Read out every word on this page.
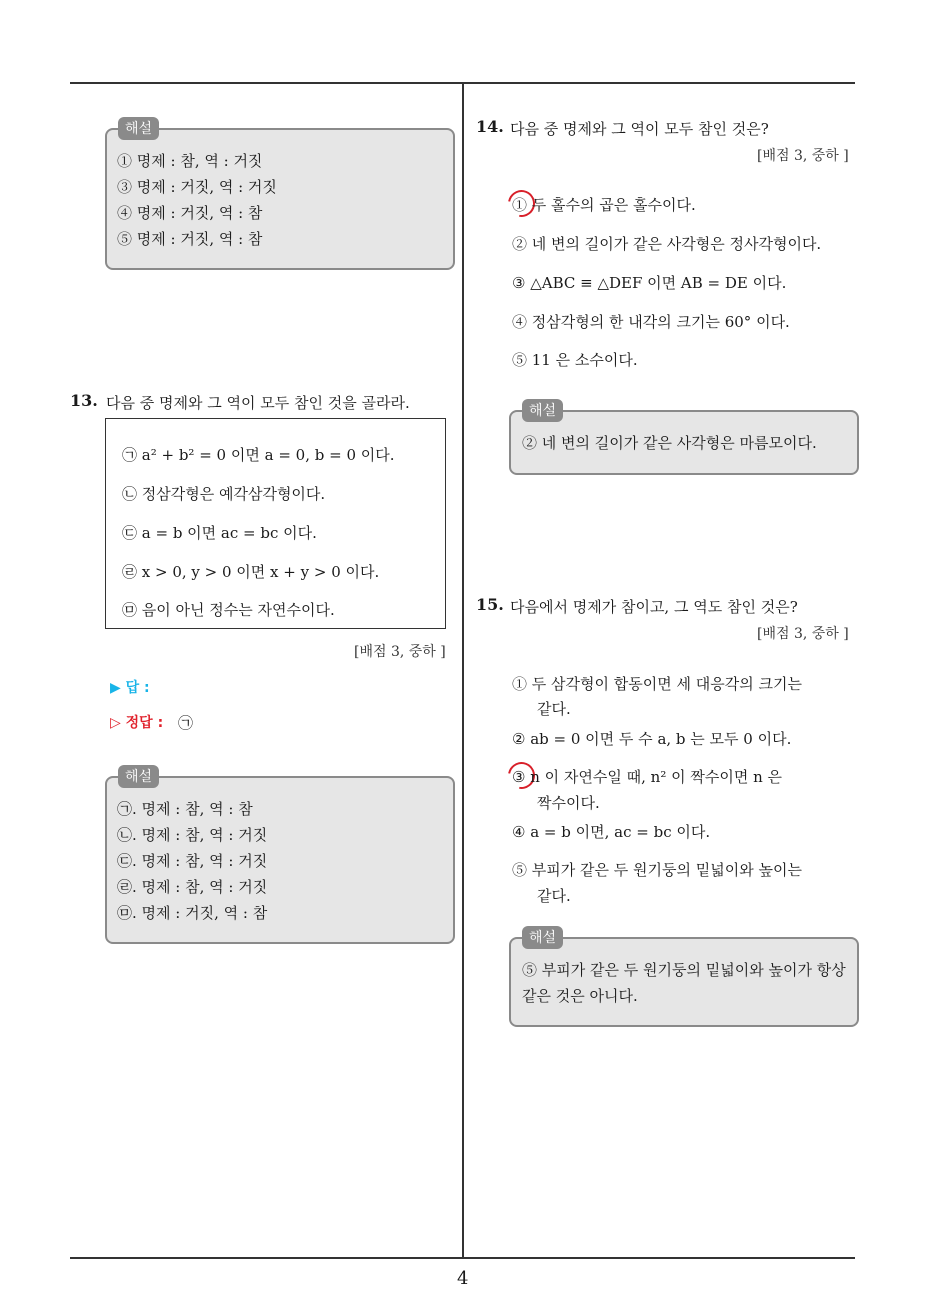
해설
① 명제 : 참, 역 : 거짓
③ 명제 : 거짓, 역 : 거짓
④ 명제 : 거짓, 역 : 참
⑤ 명제 : 거짓, 역 : 참
13. 다음 중 명제와 그 역이 모두 참인 것을 골라라.
㉠ a² + b² = 0 이면 a = 0, b = 0 이다.
㉡ 정삼각형은 예각삼각형이다.
㉢ a = b 이면 ac = bc 이다.
㉣ x > 0, y > 0 이면 x + y > 0 이다.
㉤ 음이 아닌 정수는 자연수이다.
[배점 3, 중하 ]
▶ 답 :
▷ 정답 : ㉠
해설
㉠. 명제 : 참, 역 : 참
㉡. 명제 : 참, 역 : 거짓
㉢. 명제 : 참, 역 : 거짓
㉣. 명제 : 참, 역 : 거짓
㉤. 명제 : 거짓, 역 : 참
14. 다음 중 명제와 그 역이 모두 참인 것은?
[배점 3, 중하 ]
① 두 홀수의 곱은 홀수이다.
② 네 변의 길이가 같은 사각형은 정사각형이다.
③ △ABC ≡ △DEF 이면 AB = DE 이다.
④ 정삼각형의 한 내각의 크기는 60° 이다.
⑤ 11 은 소수이다.
해설
② 네 변의 길이가 같은 사각형은 마름모이다.
15. 다음에서 명제가 참이고, 그 역도 참인 것은?
[배점 3, 중하 ]
① 두 삼각형이 합동이면 세 대응각의 크기는
같다.
② ab = 0 이면 두 수 a, b 는 모두 0 이다.
③ n 이 자연수일 때, n² 이 짝수이면 n 은
짝수이다.
④ a = b 이면, ac = bc 이다.
⑤ 부피가 같은 두 원기둥의 밑넓이와 높이는
같다.
해설
⑤ 부피가 같은 두 원기둥의 밑넓이와 높이가 항상
같은 것은 아니다.
4
